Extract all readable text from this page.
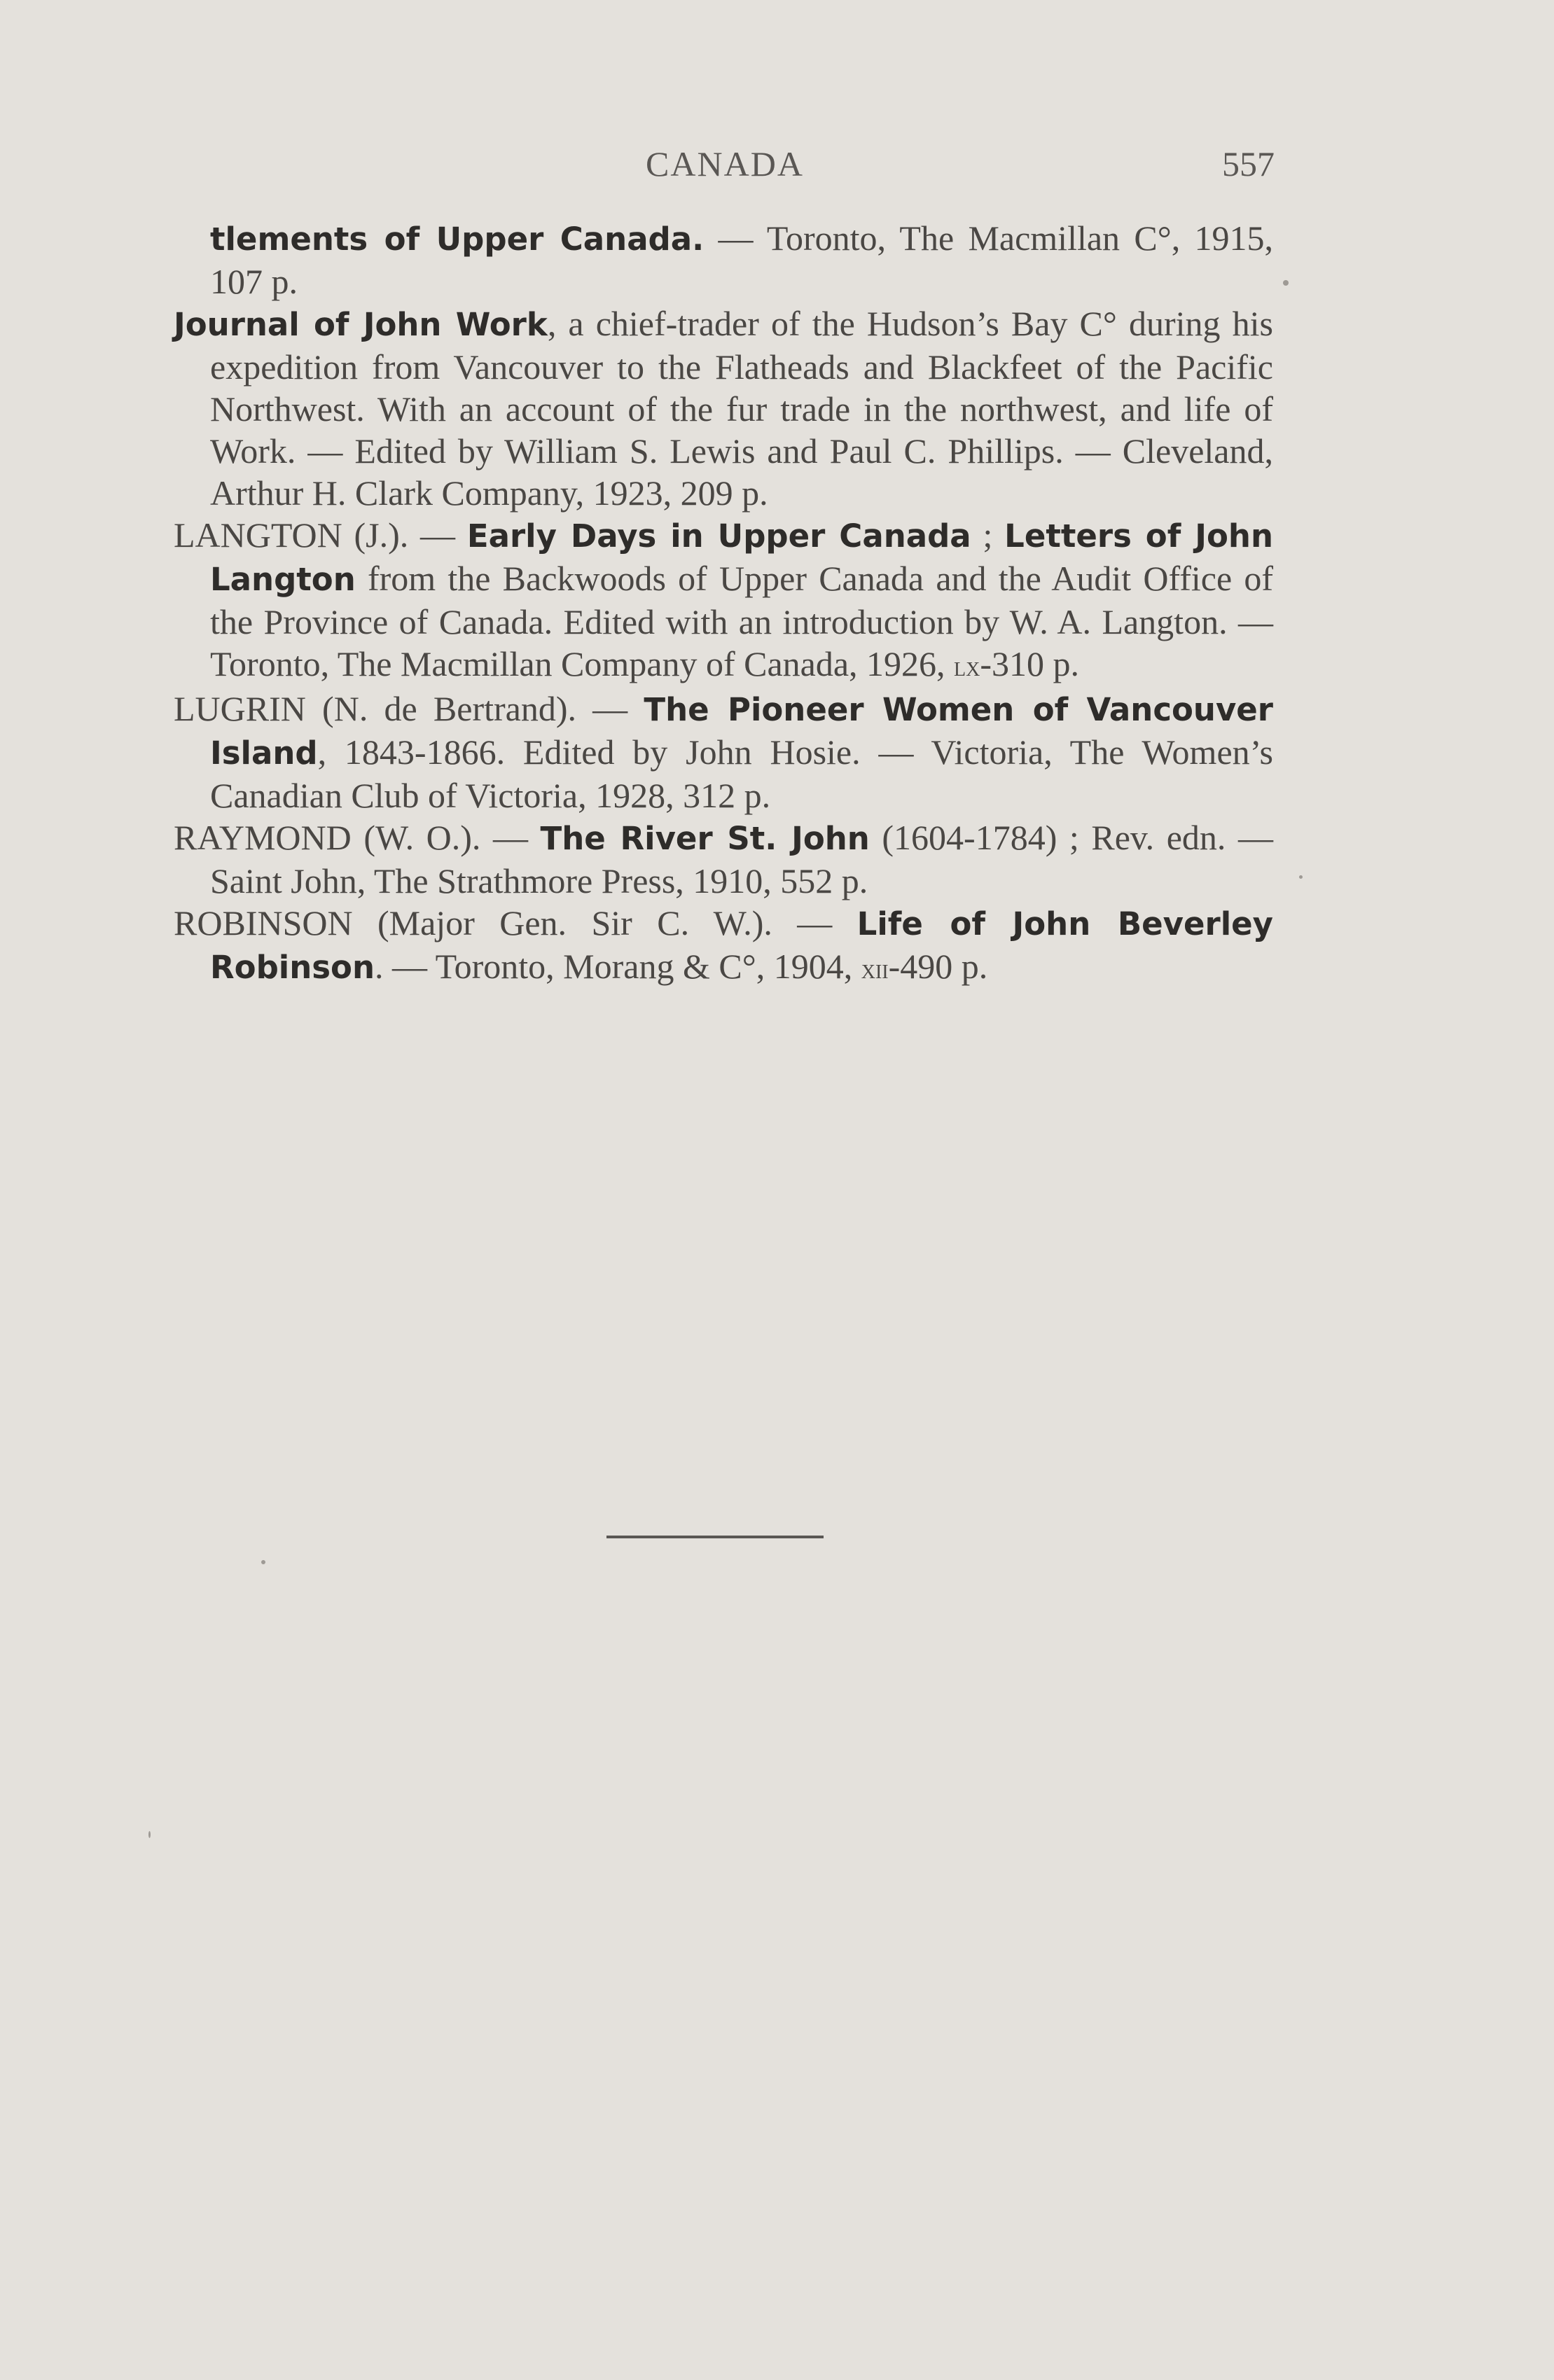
CANADA	557

tlements of Upper Canada. — Toronto, The Macmillan C°, 1915, 107 p.

Journal of John Work, a chief-trader of the Hudson’s Bay C° during his expedition from Vancouver to the Flatheads and Blackfeet of the Pacific Northwest. With an account of the fur trade in the northwest, and life of Work. — Edited by William S. Lewis and Paul C. Phillips. — Cleveland, Arthur H. Clark Company, 1923, 209 p.

LANGTON (J.). — Early Days in Upper Canada ; Letters of John Langton from the Backwoods of Upper Canada and the Audit Office of the Province of Canada. Edited with an introduction by W. A. Langton. — Toronto, The Macmillan Company of Canada, 1926, lx-310 p.

LUGRIN (N. de Bertrand). — The Pioneer Women of Vancouver Island, 1843-1866. Edited by John Hosie. — Victoria, The Women’s Canadian Club of Victoria, 1928, 312 p.

RAYMOND (W. O.). — The River St. John (1604-1784) ; Rev. edn. — Saint John, The Strathmore Press, 1910, 552 p.

ROBINSON (Major Gen. Sir C. W.). — Life of John Beverley Robinson. — Toronto, Morang & C°, 1904, xii-490 p.
